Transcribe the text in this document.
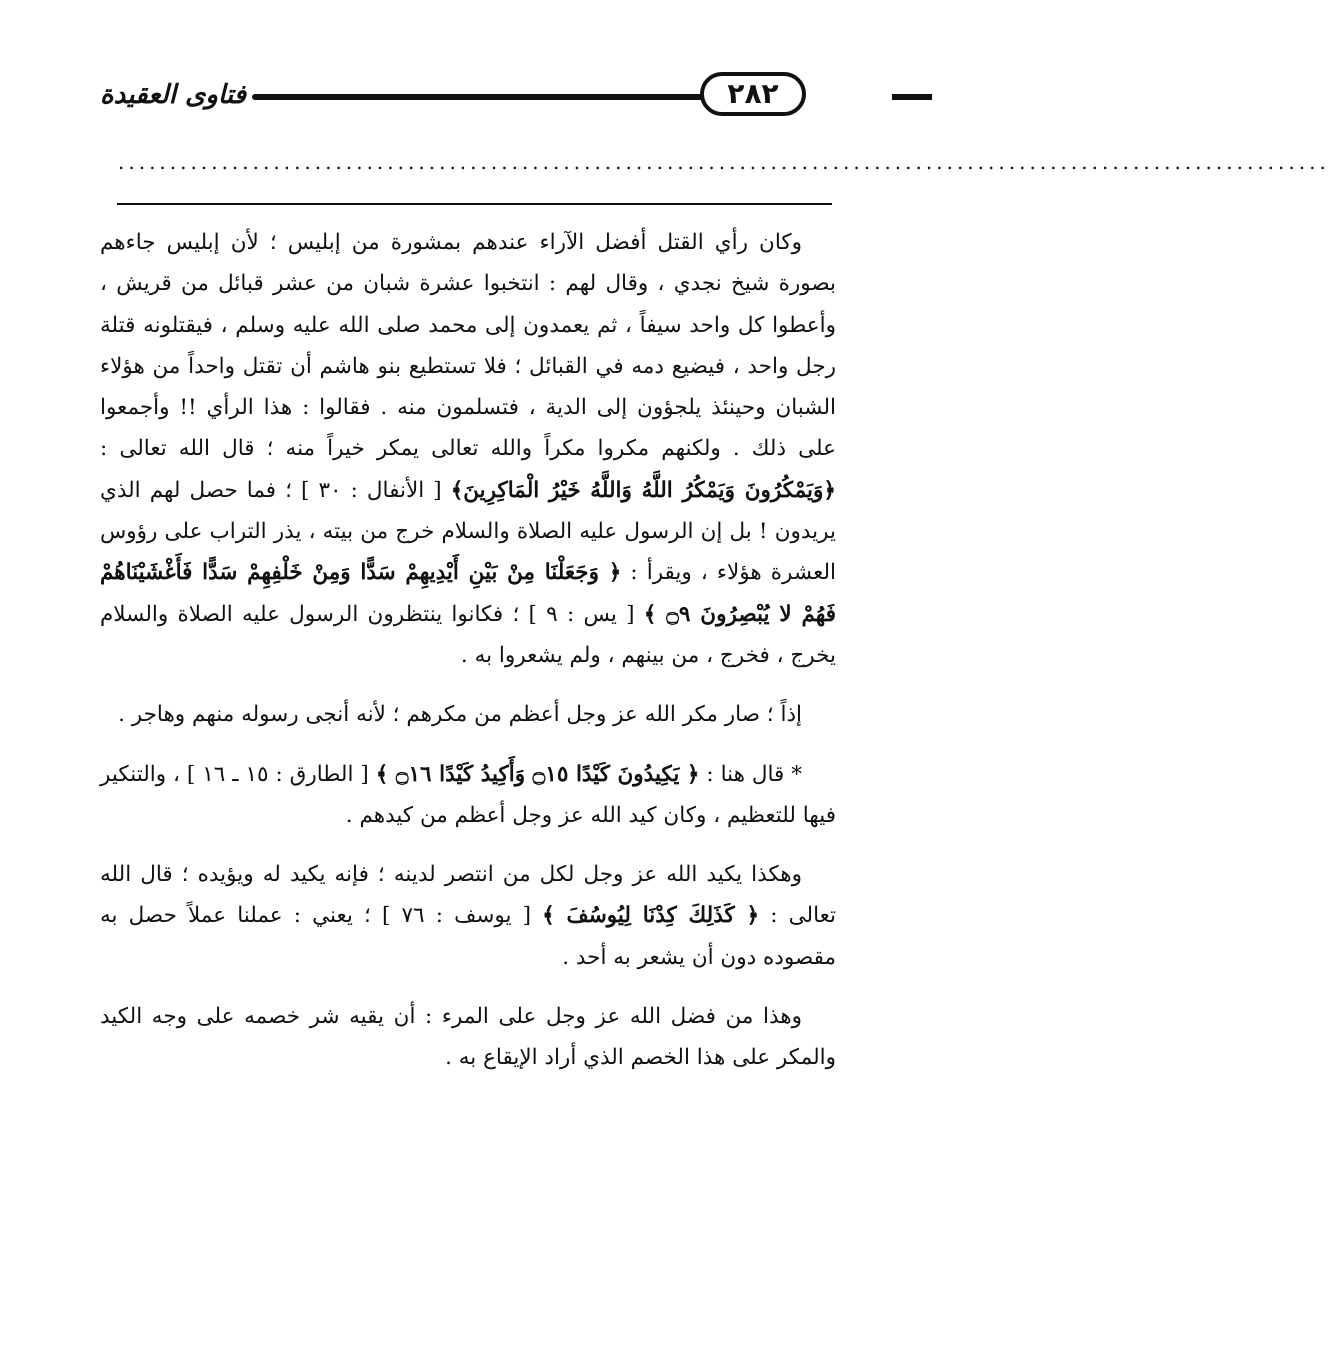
فتاوى العقيدة	٢٨٢
.....................................................................................................................

وكان رأي القتل أفضل الآراء عندهم بمشورة من إبليس ؛ لأن إبليس جاءهم بصورة شيخ نجدي ، وقال لهم : انتخبوا عشرة شبان من عشر قبائل من قريش ، وأعطوا كل واحد سيفاً ، ثم يعمدون إلى محمد صلى الله عليه وسلم ، فيقتلونه قتلة رجل واحد ، فيضيع دمه في القبائل ؛ فلا تستطيع بنو هاشم أن تقتل واحداً من هؤلاء الشبان وحينئذ يلجؤون إلى الدية ، فتسلمون منه . فقالوا : هذا الرأي !! وأجمعوا على ذلك . ولكنهم مكروا مكراً والله تعالى يمكر خيراً منه ؛ قال الله تعالى : ﴿وَيَمْكُرُونَ وَيَمْكُرُ اللَّهُ وَاللَّهُ خَيْرُ الْمَاكِرِينَ﴾ [ الأنفال : ٣٠ ] ؛ فما حصل لهم الذي يريدون ! بل إن الرسول عليه الصلاة والسلام خرج من بيته ، يذر التراب على رؤوس العشرة هؤلاء ، ويقرأ : ﴿ وَجَعَلْنَا مِنْ بَيْنِ أَيْدِيهِمْ سَدًّا وَمِنْ خَلْفِهِمْ سَدًّا فَأَغْشَيْنَاهُمْ فَهُمْ لا يُبْصِرُونَ ۝٩ ﴾ [ يس : ٩ ] ؛ فكانوا ينتظرون الرسول عليه الصلاة والسلام يخرج ، فخرج ، من بينهم ، ولم يشعروا به .

إذاً ؛ صار مكر الله عز وجل أعظم من مكرهم ؛ لأنه أنجى رسوله منهم وهاجر .

* قال هنا : ﴿ يَكِيدُونَ كَيْدًا ۝١٥ وَأَكِيدُ كَيْدًا ۝١٦ ﴾ [ الطارق : ١٥ ـ ١٦ ] ، والتنكير فيها للتعظيم ، وكان كيد الله عز وجل أعظم من كيدهم .

وهكذا يكيد الله عز وجل لكل من انتصر لدينه ؛ فإنه يكيد له ويؤيده ؛ قال الله تعالى : ﴿ كَذَلِكَ كِدْنَا لِيُوسُفَ ﴾ [ يوسف : ٧٦ ] ؛ يعني : عملنا عملاً حصل به مقصوده دون أن يشعر به أحد .

وهذا من فضل الله عز وجل على المرء : أن يقيه شر خصمه على وجه الكيد والمكر على هذا الخصم الذي أراد الإيقاع به .
